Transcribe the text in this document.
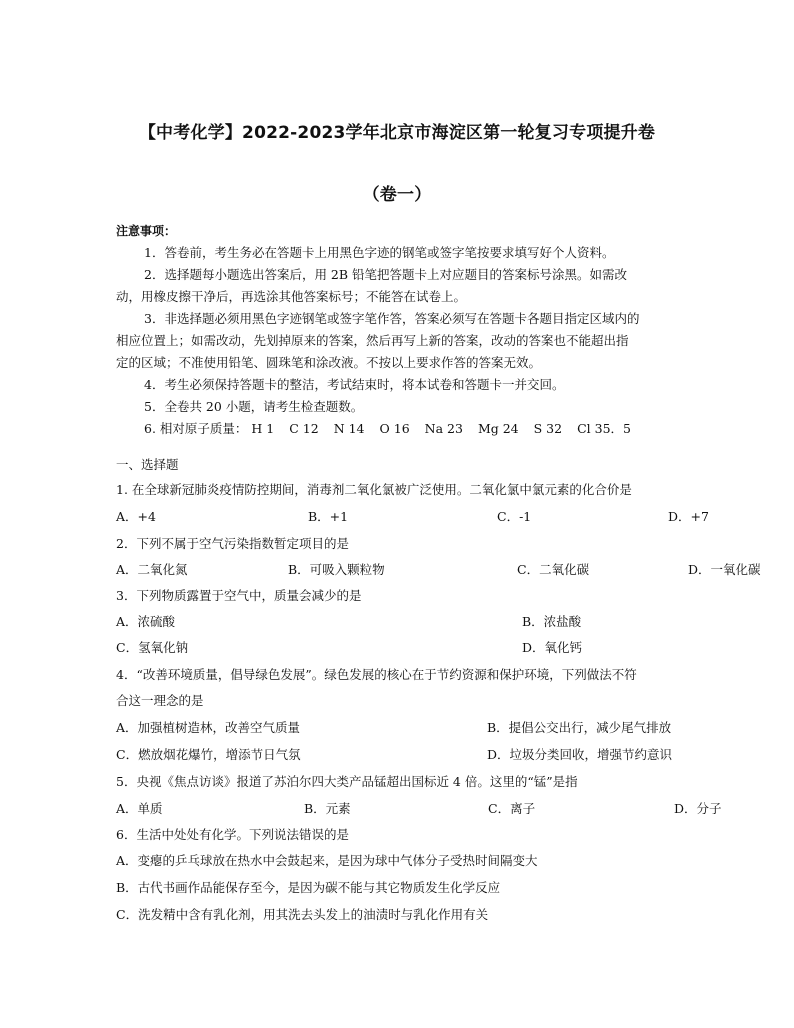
【中考化学】2022-2023学年北京市海淀区第一轮复习专项提升卷
（卷一）
注意事项：
1．答卷前，考生务必在答题卡上用黑色字迹的钢笔或签字笔按要求填写好个人资料。
2．选择题每小题选出答案后，用 2B 铅笔把答题卡上对应题目的答案标号涂黑。如需改
动，用橡皮擦干净后，再选涂其他答案标号；不能答在试卷上。
3．非选择题必须用黑色字迹钢笔或签字笔作答，答案必须写在答题卡各题目指定区域内的
相应位置上；如需改动，先划掉原来的答案，然后再写上新的答案，改动的答案也不能超出指
定的区域；不准使用铅笔、圆珠笔和涂改液。不按以上要求作答的答案无效。
4．考生必须保持答题卡的整洁，考试结束时，将本试卷和答题卡一并交回。
5．全卷共 20 小题，请考生检查题数。
6. 相对原子质量： H 1 C 12 N 14 O 16 Na 23 Mg 24 S 32 Cl 35．5
一、选择题
1. 在全球新冠肺炎疫情防控期间，消毒剂二氧化氯被广泛使用。二氧化氯中氯元素的化合价是
A．+4	B．+1	C．-1	D．+7
2．下列不属于空气污染指数暂定项目的是
A．二氧化氮	B．可吸入颗粒物	C．二氧化碳	D．一氧化碳
3．下列物质露置于空气中，质量会减少的是
A．浓硫酸	B．浓盐酸
C．氢氧化钠	D．氧化钙
4．“改善环境质量，倡导绿色发展”。绿色发展的核心在于节约资源和保护环境，下列做法不符
合这一理念的是
A．加强植树造林，改善空气质量	B．提倡公交出行，减少尾气排放
C．燃放烟花爆竹，增添节日气氛	D．垃圾分类回收，增强节约意识
5．央视《焦点访谈》报道了苏泊尔四大类产品锰超出国标近 4 倍。这里的“锰”是指
A．单质	B．元素	C．离子	D．分子
6．生活中处处有化学。下列说法错误的是
A．变瘪的乒乓球放在热水中会鼓起来，是因为球中气体分子受热时间隔变大
B．古代书画作品能保存至今，是因为碳不能与其它物质发生化学反应
C．洗发精中含有乳化剂，用其洗去头发上的油渍时与乳化作用有关
